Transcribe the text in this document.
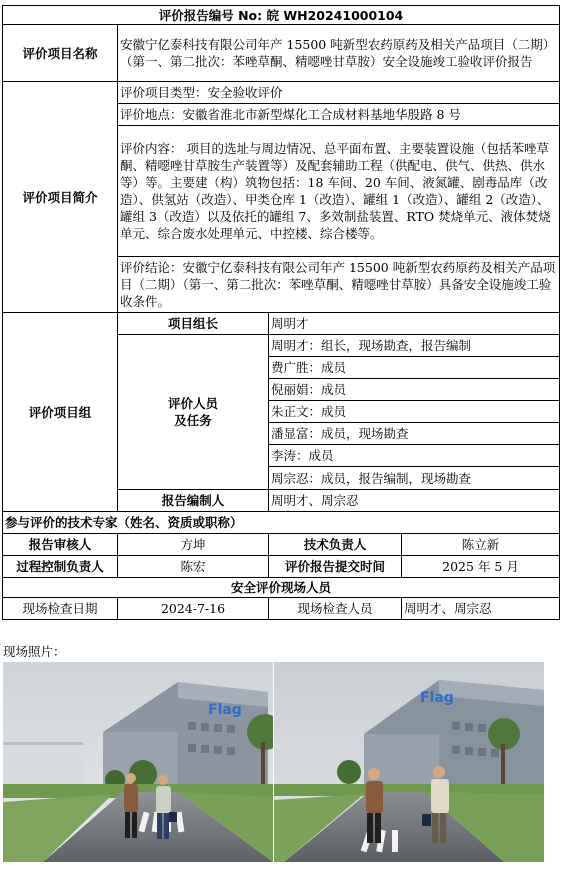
评价报告编号 No: 皖 WH20241000104			
评价项目名称	安徽宁亿泰科技有限公司年产 15500 吨新型农药原药及相关产品项目（二期）（第一、第二批次：苯唑草酮、精噁唑甘草胺）安全设施竣工验收评价报告		
评价项目简介	评价项目类型：安全验收评价		
	评价地点：安徽省淮北市新型煤化工合成材料基地华殷路 8 号		
	评价内容： 项目的选址与周边情况、总平面布置、主要装置设施（包括苯唑草酮、精噁唑甘草胺生产装置等）及配套辅助工程（供配电、供气、供热、供水等）等。主要建（构）筑物包括：18 车间、20 车间、液氮罐、剧毒品库（改造）、供氢站（改造）、甲类仓库 1（改造）、罐组 1（改造）、罐组 2（改造）、罐组 3（改造）以及依托的罐组 7、多效制盐装置、RTO 焚烧单元、液体焚烧单元、综合废水处理单元、中控楼、综合楼等。		
	评价结论：安徽宁亿泰科技有限公司年产 15500 吨新型农药原药及相关产品项目（二期）（第一、第二批次：苯唑草酮、精噁唑甘草胺）具备安全设施竣工验收条件。		
评价项目组	项目组长	周明才	
	评价人员及任务	周明才：组长，现场勘查，报告编制	
		费广胜：成员	
		倪丽娟：成员	
		朱正文：成员	
		潘显富：成员，现场勘查	
		李涛：成员	
		周宗忍：成员，报告编制，现场勘查	
	报告编制人	周明才、周宗忍	
参与评价的技术专家（姓名、资质或职称）			
报告审核人	方坤	技术负责人	陈立新
过程控制负责人	陈宏	评价报告提交时间	2025 年 5 月
安全评价现场人员			
现场检查日期	2024-7-16	现场检查人员	周明才、周宗忍
现场照片：
Flag
Flag
